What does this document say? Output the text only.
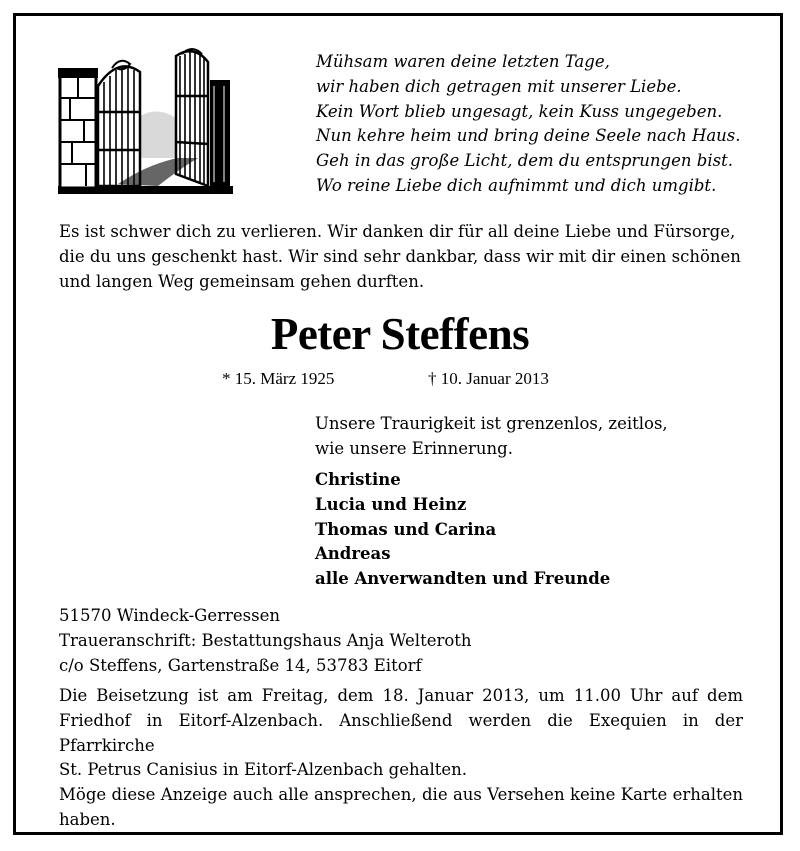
Mühsam waren deine letzten Tage,
wir haben dich getragen mit unserer Liebe.
Kein Wort blieb ungesagt, kein Kuss ungegeben.
Nun kehre heim und bring deine Seele nach Haus.
Geh in das große Licht, dem du entsprungen bist.
Wo reine Liebe dich aufnimmt und dich umgibt.
Es ist schwer dich zu verlieren. Wir danken dir für all deine Liebe und Fürsorge,
die du uns geschenkt hast. Wir sind sehr dankbar, dass wir mit dir einen schönen
und langen Weg gemeinsam gehen durften.
Peter Steffens
* 15. März 1925	† 10. Januar 2013
Unsere Traurigkeit ist grenzenlos, zeitlos,
wie unsere Erinnerung.
Christine
Lucia und Heinz
Thomas und Carina
Andreas
alle Anverwandten und Freunde
51570 Windeck-Gerressen
Traueranschrift: Bestattungshaus Anja Welteroth
c/o Steffens, Gartenstraße 14, 53783 Eitorf
Die Beisetzung ist am Freitag, dem 18. Januar 2013, um 11.00 Uhr auf dem
Friedhof in Eitorf-Alzenbach. Anschließend werden die Exequien in der Pfarrkirche
St. Petrus Canisius in Eitorf-Alzenbach gehalten.
Möge diese Anzeige auch alle ansprechen, die aus Versehen keine Karte erhalten
haben.
